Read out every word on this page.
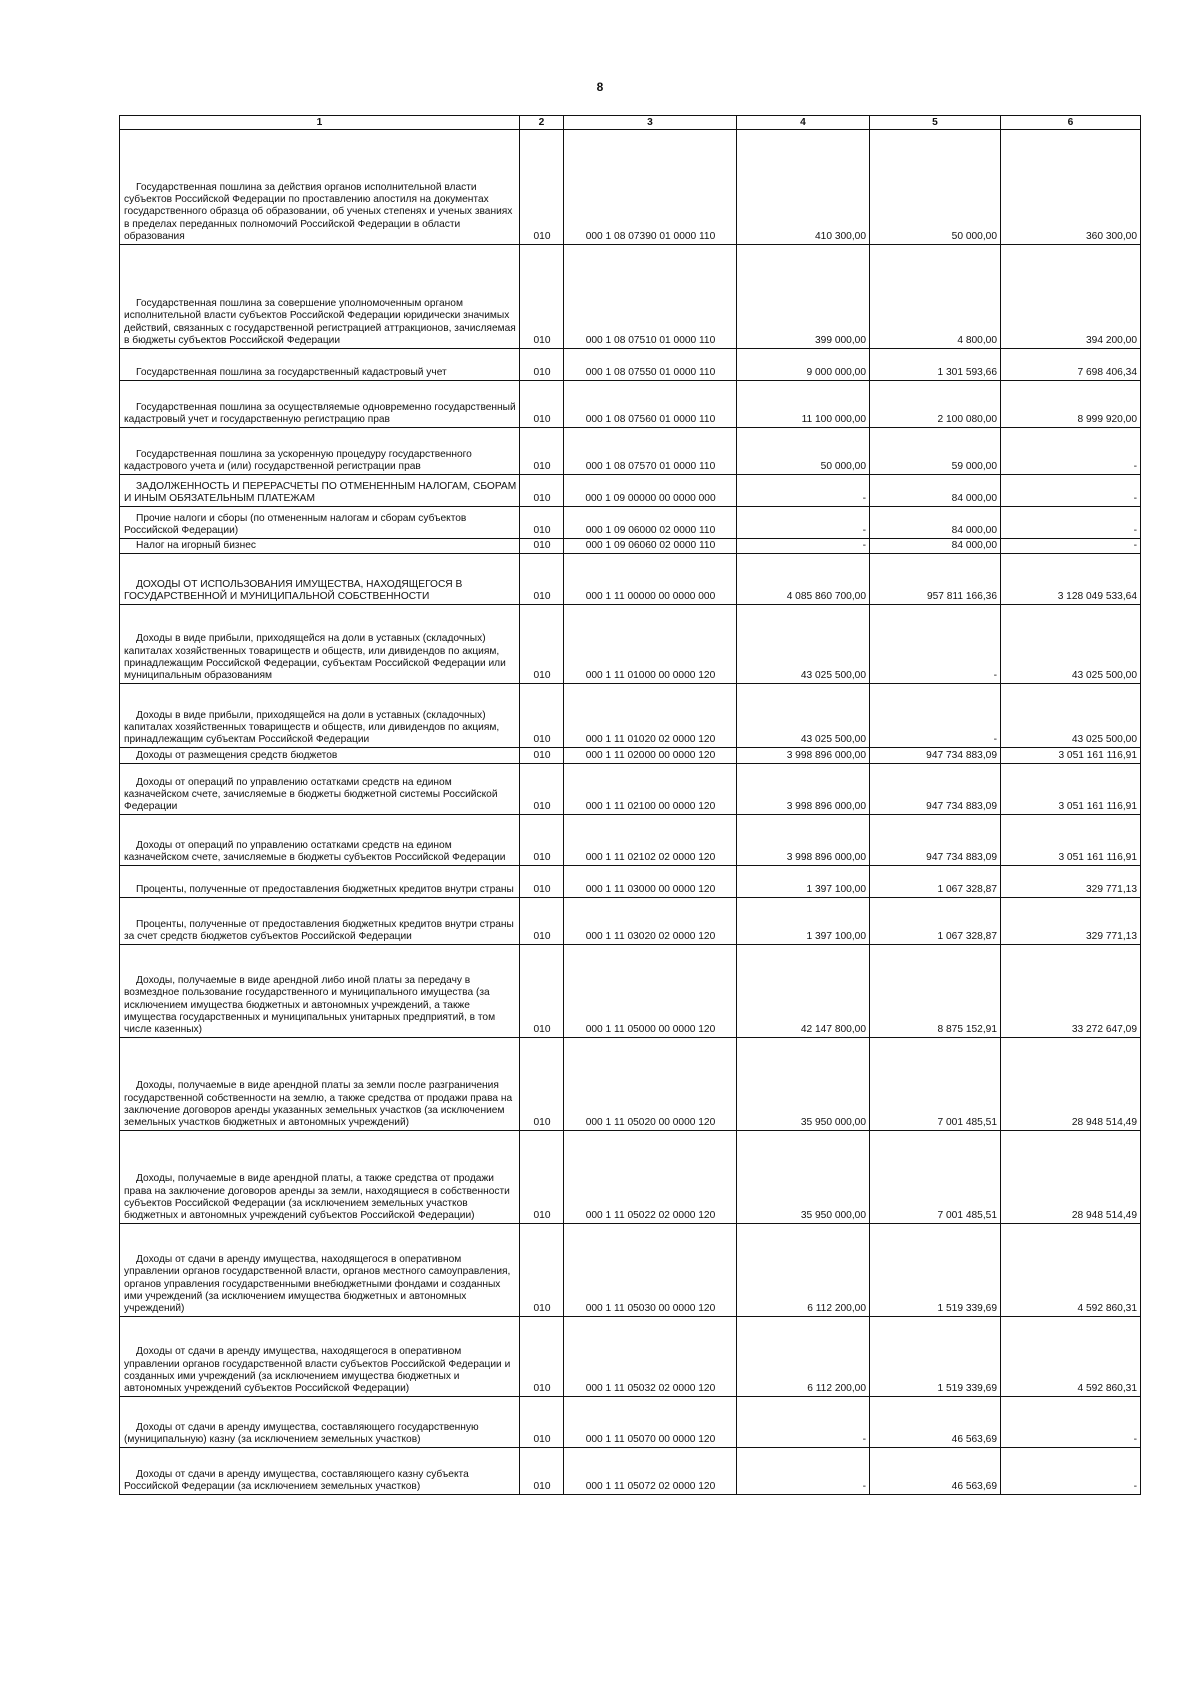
8
1	2	3	4	5	6
Государственная пошлина за действия органов исполнительной власти субъектов Российской Федерации по проставлению апостиля на документах государственного образца об образовании, об ученых степенях и ученых званиях в пределах переданных полномочий Российской Федерации в области образования	010	000 1 08 07390 01 0000 110	410 300,00	50 000,00	360 300,00
Государственная пошлина за совершение уполномоченным органом исполнительной власти субъектов Российской Федерации юридически значимых действий, связанных с государственной регистрацией аттракционов, зачисляемая в бюджеты субъектов Российской Федерации	010	000 1 08 07510 01 0000 110	399 000,00	4 800,00	394 200,00
Государственная пошлина за государственный кадастровый учет	010	000 1 08 07550 01 0000 110	9 000 000,00	1 301 593,66	7 698 406,34
Государственная пошлина за осуществляемые одновременно государственный кадастровый учет и государственную регистрацию прав	010	000 1 08 07560 01 0000 110	11 100 000,00	2 100 080,00	8 999 920,00
Государственная пошлина за ускоренную процедуру государственного кадастрового учета и (или) государственной регистрации прав	010	000 1 08 07570 01 0000 110	50 000,00	59 000,00	-
ЗАДОЛЖЕННОСТЬ И ПЕРЕРАСЧЕТЫ ПО ОТМЕНЕННЫМ НАЛОГАМ, СБОРАМ И ИНЫМ ОБЯЗАТЕЛЬНЫМ ПЛАТЕЖАМ	010	000 1 09 00000 00 0000 000	-	84 000,00	-
Прочие налоги и сборы (по отмененным налогам и сборам субъектов Российской Федерации)	010	000 1 09 06000 02 0000 110	-	84 000,00	-
Налог на игорный бизнес	010	000 1 09 06060 02 0000 110	-	84 000,00	-
ДОХОДЫ ОТ ИСПОЛЬЗОВАНИЯ ИМУЩЕСТВА, НАХОДЯЩЕГОСЯ В ГОСУДАРСТВЕННОЙ И МУНИЦИПАЛЬНОЙ СОБСТВЕННОСТИ	010	000 1 11 00000 00 0000 000	4 085 860 700,00	957 811 166,36	3 128 049 533,64
Доходы в виде прибыли, приходящейся на доли в уставных (складочных) капиталах хозяйственных товариществ и обществ, или дивидендов по акциям, принадлежащим Российской Федерации, субъектам Российской Федерации или муниципальным образованиям	010	000 1 11 01000 00 0000 120	43 025 500,00	-	43 025 500,00
Доходы в виде прибыли, приходящейся на доли в уставных (складочных) капиталах хозяйственных товариществ и обществ, или дивидендов по акциям, принадлежащим субъектам Российской Федерации	010	000 1 11 01020 02 0000 120	43 025 500,00	-	43 025 500,00
Доходы от размещения средств бюджетов	010	000 1 11 02000 00 0000 120	3 998 896 000,00	947 734 883,09	3 051 161 116,91
Доходы от операций по управлению остатками средств на едином казначейском счете, зачисляемые в бюджеты бюджетной системы Российской Федерации	010	000 1 11 02100 00 0000 120	3 998 896 000,00	947 734 883,09	3 051 161 116,91
Доходы от операций по управлению остатками средств на едином казначейском счете, зачисляемые в бюджеты субъектов Российской Федерации	010	000 1 11 02102 02 0000 120	3 998 896 000,00	947 734 883,09	3 051 161 116,91
Проценты, полученные от предоставления бюджетных кредитов внутри страны	010	000 1 11 03000 00 0000 120	1 397 100,00	1 067 328,87	329 771,13
Проценты, полученные от предоставления бюджетных кредитов внутри страны за счет средств бюджетов субъектов Российской Федерации	010	000 1 11 03020 02 0000 120	1 397 100,00	1 067 328,87	329 771,13
Доходы, получаемые в виде арендной либо иной платы за передачу в возмездное пользование государственного и муниципального имущества (за исключением имущества бюджетных и автономных учреждений, а также имущества государственных и муниципальных унитарных предприятий, в том числе казенных)	010	000 1 11 05000 00 0000 120	42 147 800,00	8 875 152,91	33 272 647,09
Доходы, получаемые в виде арендной платы за земли после разграничения государственной собственности на землю, а также средства от продажи права на заключение договоров аренды указанных земельных участков (за исключением земельных участков бюджетных и автономных учреждений)	010	000 1 11 05020 00 0000 120	35 950 000,00	7 001 485,51	28 948 514,49
Доходы, получаемые в виде арендной платы, а также средства от продажи права на заключение договоров аренды за земли, находящиеся в собственности субъектов Российской Федерации (за исключением земельных участков бюджетных и автономных учреждений субъектов Российской Федерации)	010	000 1 11 05022 02 0000 120	35 950 000,00	7 001 485,51	28 948 514,49
Доходы от сдачи в аренду имущества, находящегося в оперативном управлении органов государственной власти, органов местного самоуправления, органов управления государственными внебюджетными фондами и созданных ими учреждений (за исключением имущества бюджетных и автономных учреждений)	010	000 1 11 05030 00 0000 120	6 112 200,00	1 519 339,69	4 592 860,31
Доходы от сдачи в аренду имущества, находящегося в оперативном управлении органов государственной власти субъектов Российской Федерации и созданных ими учреждений (за исключением имущества бюджетных и автономных учреждений субъектов Российской Федерации)	010	000 1 11 05032 02 0000 120	6 112 200,00	1 519 339,69	4 592 860,31
Доходы от сдачи в аренду имущества, составляющего государственную (муниципальную) казну (за исключением земельных участков)	010	000 1 11 05070 00 0000 120	-	46 563,69	-
Доходы от сдачи в аренду имущества, составляющего казну субъекта Российской Федерации (за исключением земельных участков)	010	000 1 11 05072 02 0000 120	-	46 563,69	-
